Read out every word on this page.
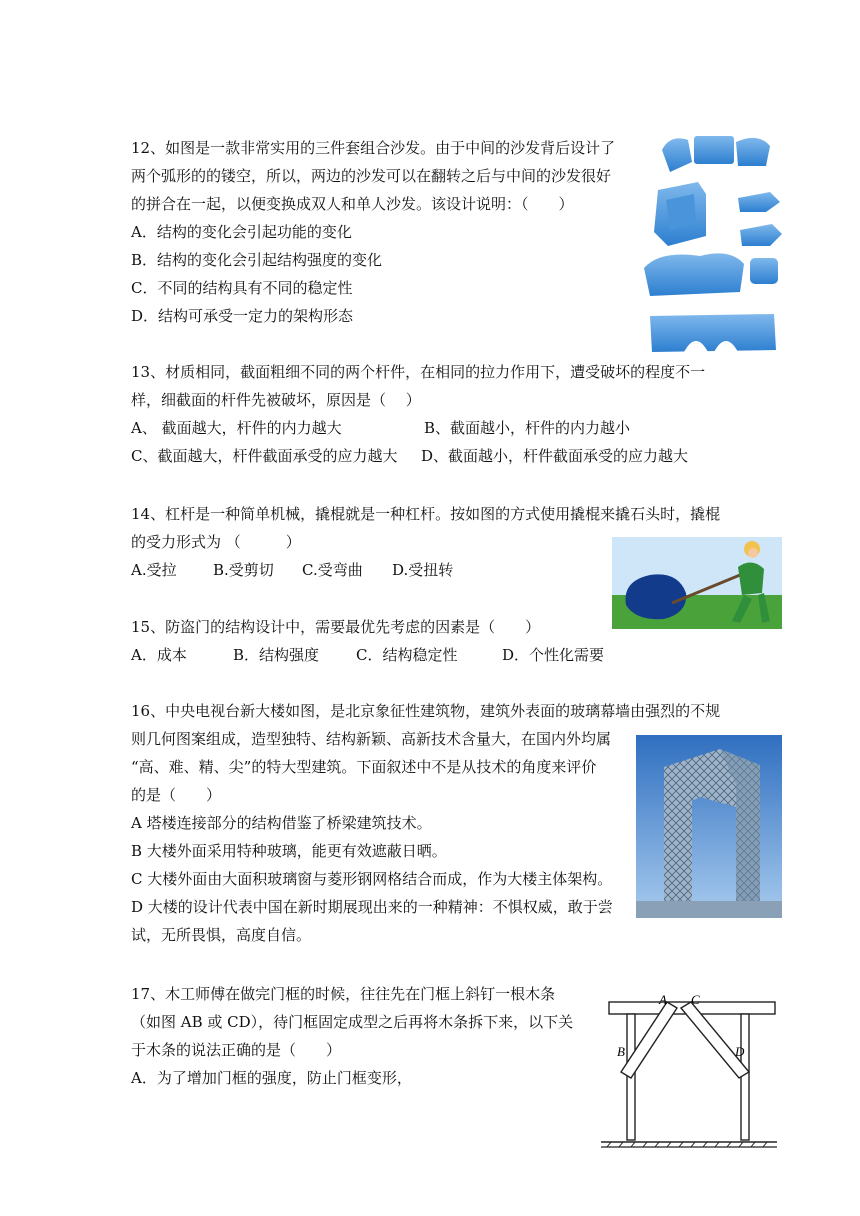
12、如图是一款非常实用的三件套组合沙发。由于中间的沙发背后设计了
两个弧形的的镂空，所以，两边的沙发可以在翻转之后与中间的沙发很好
的拼合在一起，以便变换成双人和单人沙发。该设计说明：（　　）
A．结构的变化会引起功能的变化
B．结构的变化会引起结构强度的变化
C．不同的结构具有不同的稳定性
D．结构可承受一定力的架构形态
13、材质相同，截面粗细不同的两个杆件，在相同的拉力作用下，遭受破坏的程度不一
样，细截面的杆件先被破坏，原因是（　 ）
A、 截面越大，杆件的内力越大	B、截面越小，杆件的内力越小
C、截面越大，杆件截面承受的应力越大 D、截面越小，杆件截面承受的应力越大
14、杠杆是一种简单机械，撬棍就是一种杠杆。按如图的方式使用撬棍来撬石头时，撬棍
的受力形式为 （　　　）
A.受拉 B.受剪切 C.受弯曲 D.受扭转
15、防盗门的结构设计中，需要最优先考虑的因素是（　　）
A．成本	B．结构强度 C．结构稳定性	D．个性化需要
16、中央电视台新大楼如图，是北京象征性建筑物，建筑外表面的玻璃幕墙由强烈的不规
则几何图案组成，造型独特、结构新颖、高新技术含量大，在国内外均属
“高、难、精、尖”的特大型建筑。下面叙述中不是从技术的角度来评价
的是（　　）
A 塔楼连接部分的结构借鉴了桥梁建筑技术。
B 大楼外面采用特种玻璃，能更有效遮蔽日晒。
C 大楼外面由大面积玻璃窗与菱形钢网格结合而成，作为大楼主体架构。
D 大楼的设计代表中国在新时期展现出来的一种精神：不惧权威，敢于尝
试，无所畏惧，高度自信。
17、木工师傅在做完门框的时候，往往先在门框上斜钉一根木条
（如图 AB 或 CD），待门框固定成型之后再将木条拆下来，以下关
于木条的说法正确的是（　　）
A．为了增加门框的强度，防止门框变形，
A C
B	D
